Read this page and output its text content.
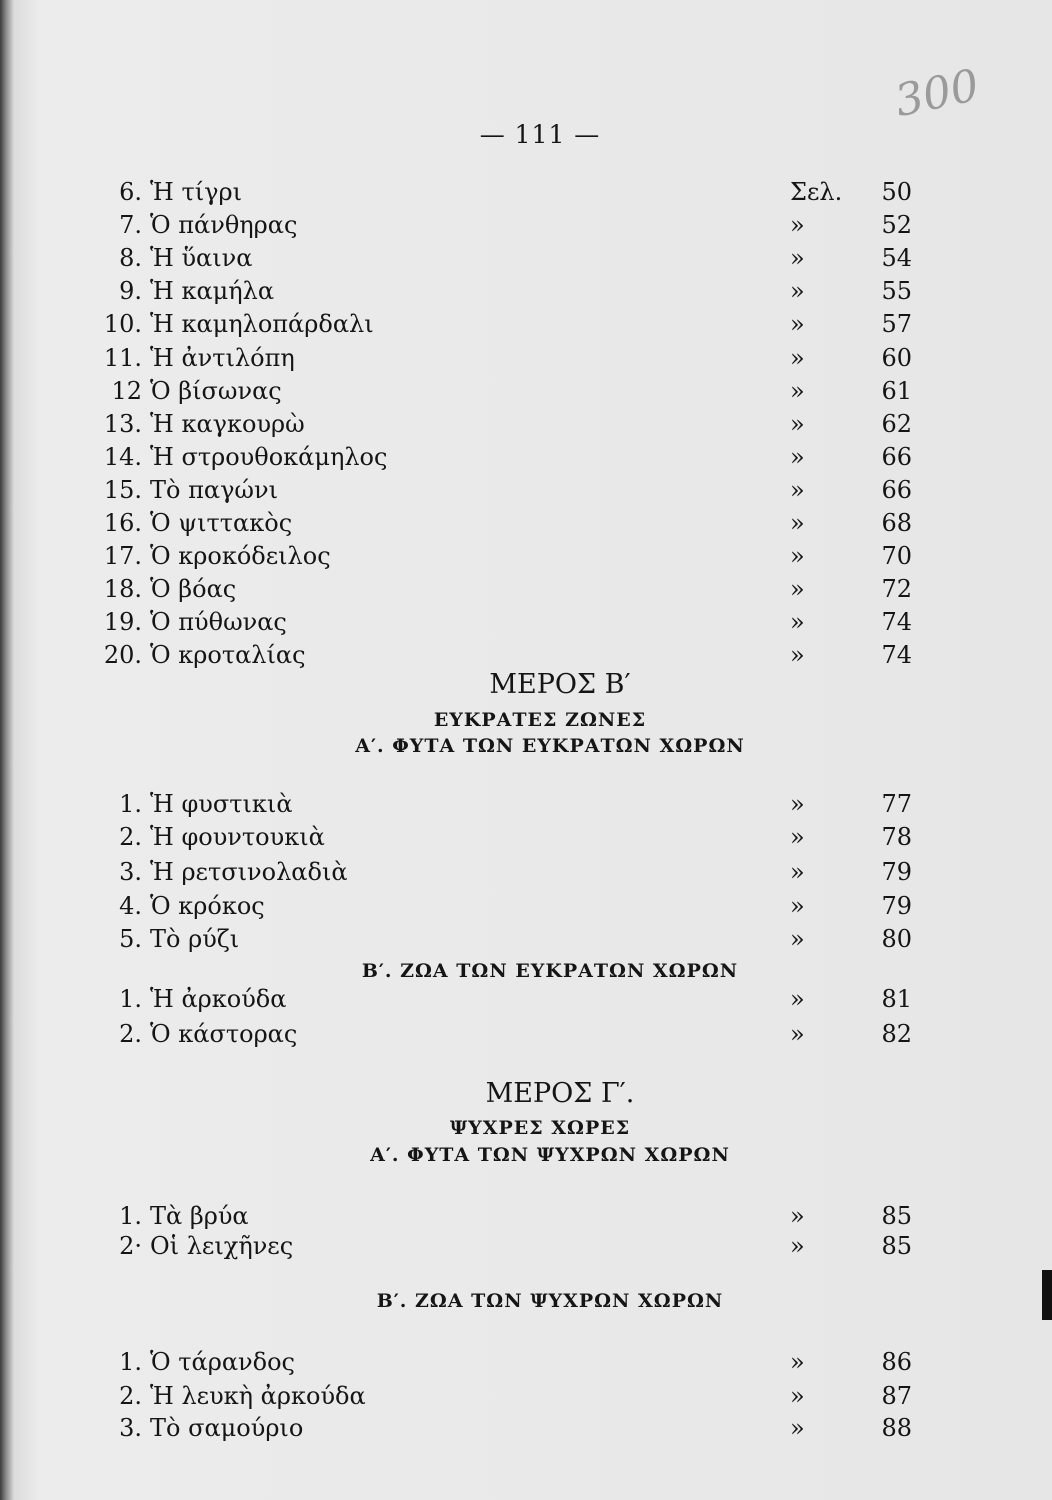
300
— 111 —
6. Ἡ τίγρι	Σελ.	50
7. Ὁ πάνθηρας	»	52
8. Ἡ ὕαινα	»	54
9. Ἡ καμήλα	»	55
10. Ἡ καμηλοπάρδαλι	»	57
11. Ἡ ἀντιλόπη	»	60
12 Ὁ βίσωνας	»	61
13. Ἡ καγκουρὼ	»	62
14. Ἡ στρουθοκάμηλος	»	66
15. Τὸ παγώνι	»	66
16. Ὁ ψιττακὸς	»	68
17. Ὁ κροκόδειλος	»	70
18. Ὁ βόας	»	72
19. Ὁ πύθωνας	»	74
20. Ὁ κροταλίας	»	74
ΜΕΡΟΣ Β′
ΕΥΚΡΑΤΕΣ ΖΩΝΕΣ
Α′. ΦΥΤΑ ΤΩΝ ΕΥΚΡΑΤΩΝ ΧΩΡΩΝ
1. Ἡ φυστικιὰ	»	77
2. Ἡ φουντουκιὰ	»	78
3. Ἡ ρετσινολαδιὰ	»	79
4. Ὁ κρόκος	»	79
5. Τὸ ρύζι	»	80
Β′. ΖΩΑ ΤΩΝ ΕΥΚΡΑΤΩΝ ΧΩΡΩΝ
1. Ἡ ἀρκούδα	»	81
2. Ὁ κάστορας	»	82
ΜΕΡΟΣ Γ′.
ΨΥΧΡΕΣ ΧΩΡΕΣ
Α′. ΦΥΤΑ ΤΩΝ ΨΥΧΡΩΝ ΧΩΡΩΝ
1. Τὰ βρύα	»	85
2· Οἱ λειχῆνες	»	85
Β′. ΖΩΑ ΤΩΝ ΨΥΧΡΩΝ ΧΩΡΩΝ
1. Ὁ τάρανδος	»	86
2. Ἡ λευκὴ ἀρκούδα	»	87
3. Τὸ σαμούριο	»	88
